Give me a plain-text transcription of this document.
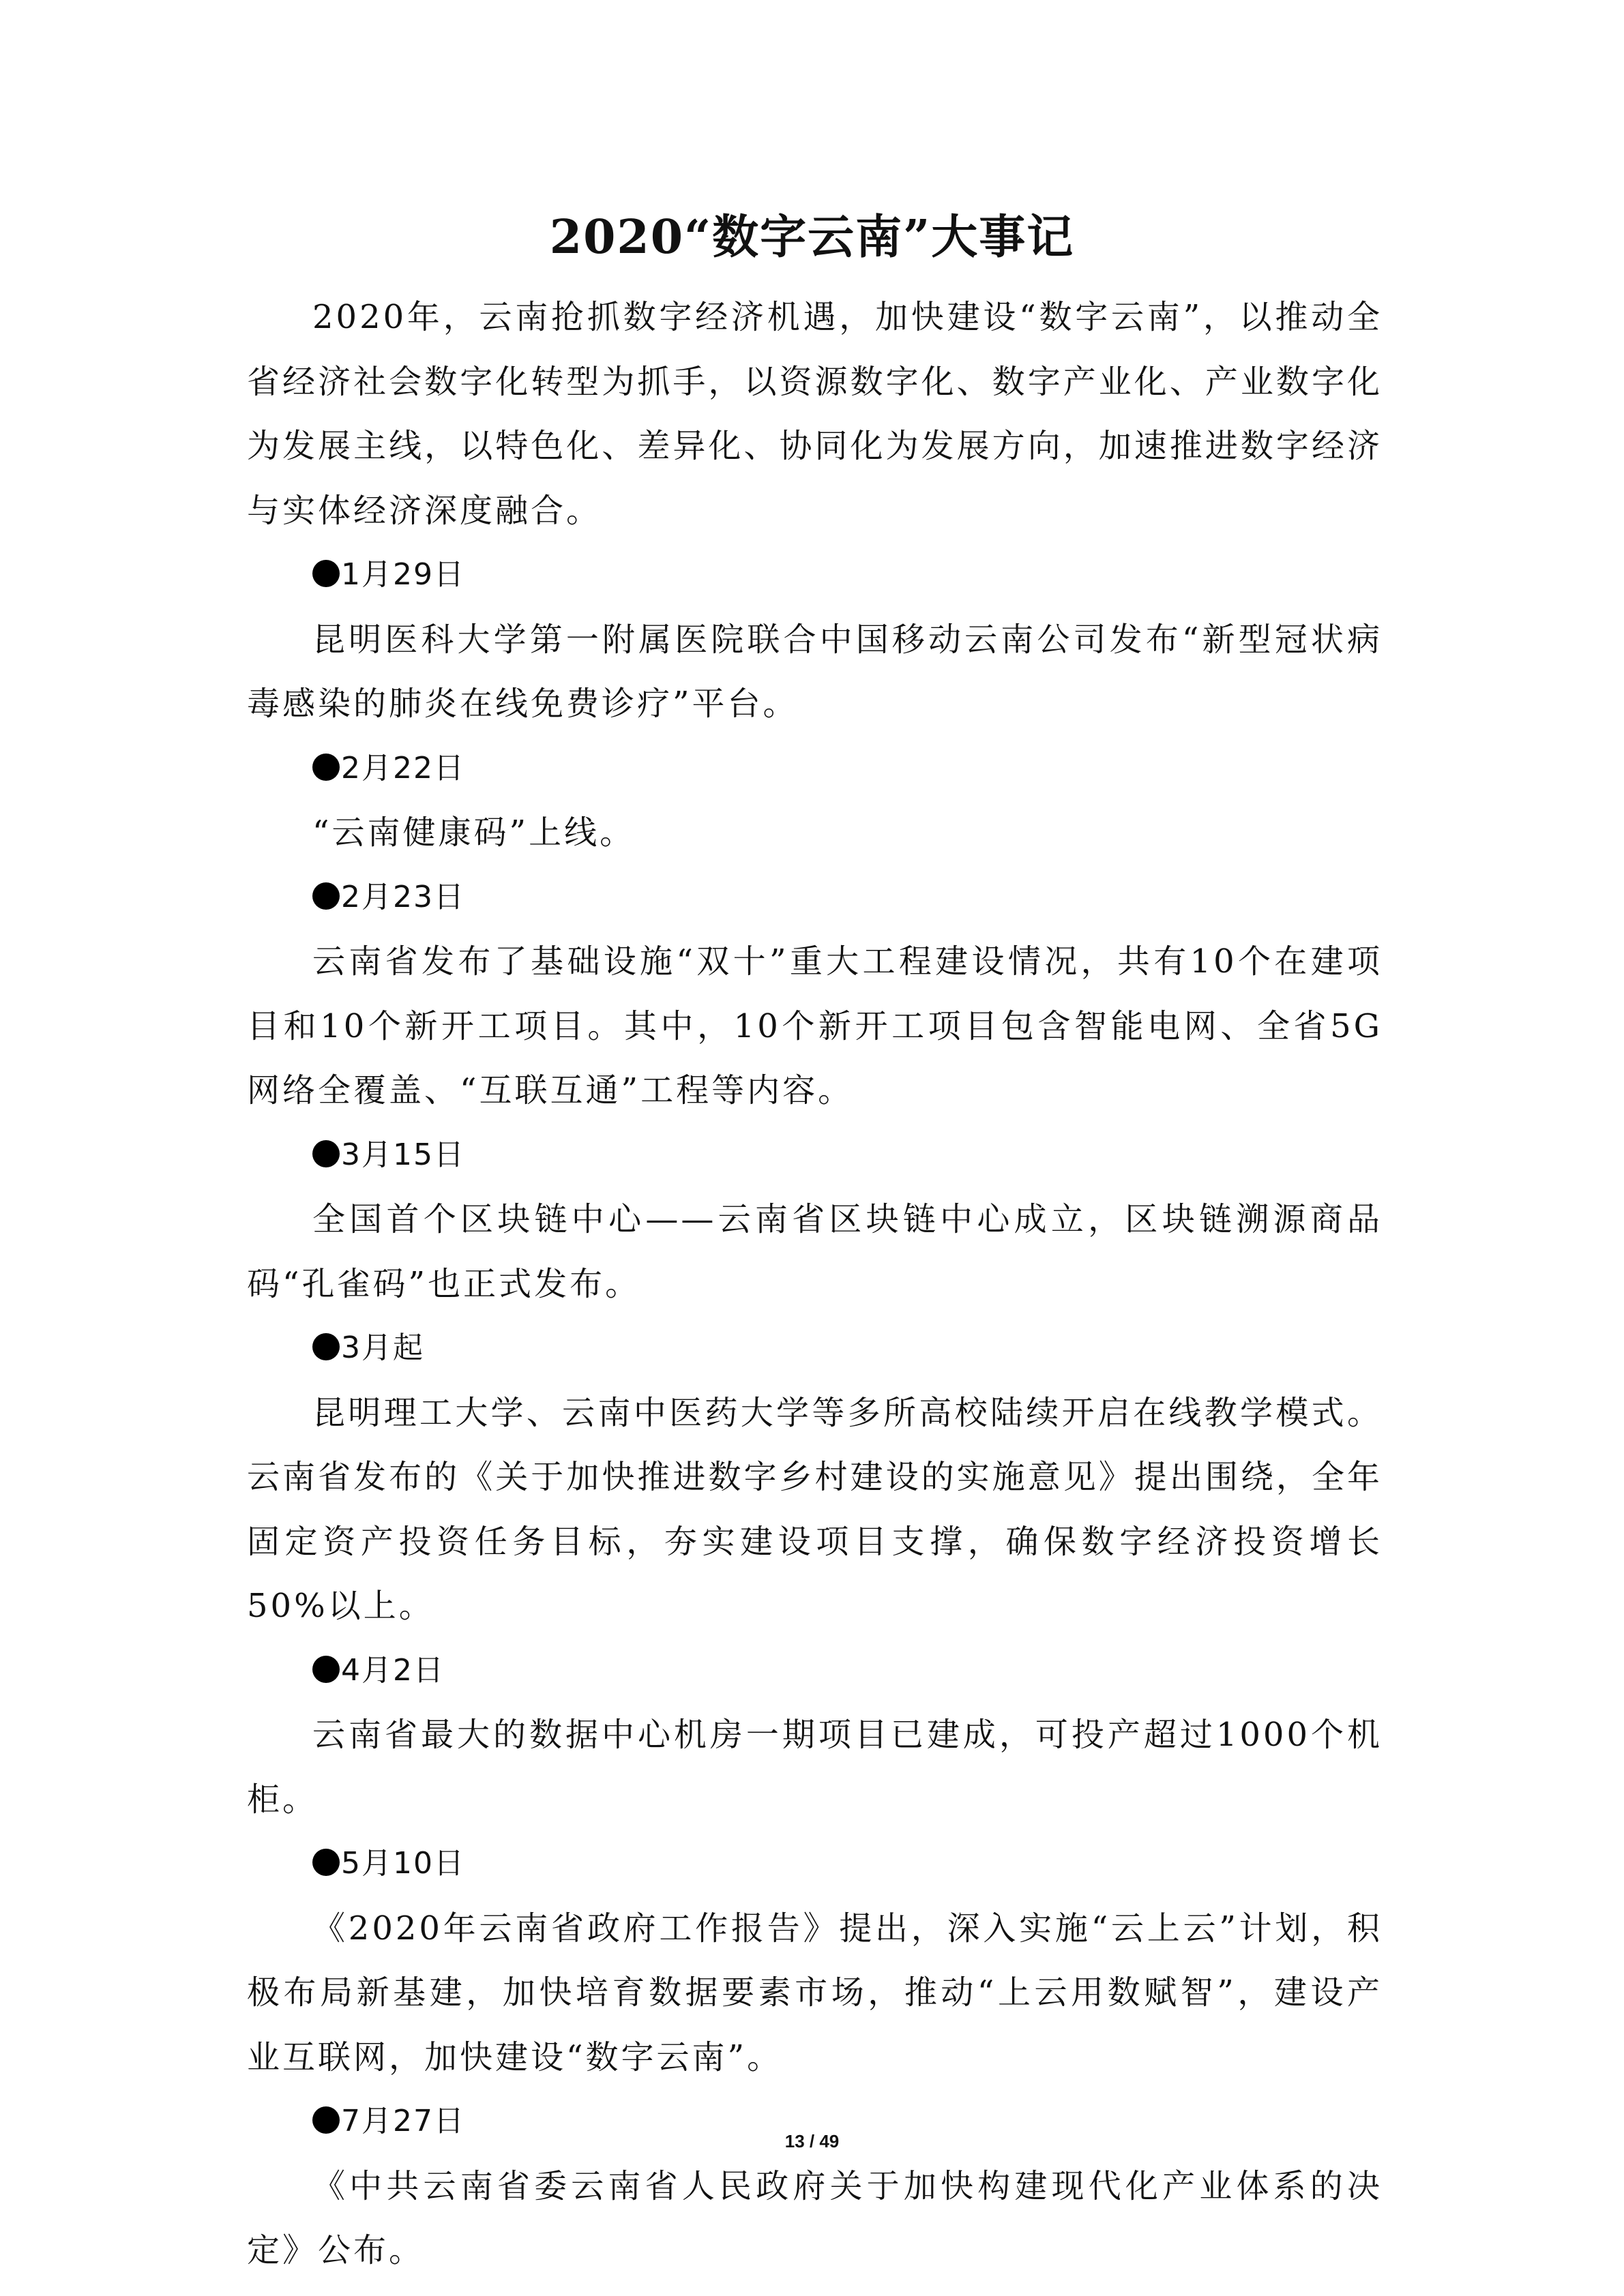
2020“数字云南”大事记

2020年，云南抢抓数字经济机遇，加快建设“数字云南”，以推动全省经济社会数字化转型为抓手，以资源数字化、数字产业化、产业数字化为发展主线，以特色化、差异化、协同化为发展方向，加速推进数字经济与实体经济深度融合。

1月29日

昆明医科大学第一附属医院联合中国移动云南公司发布“新型冠状病毒感染的肺炎在线免费诊疗”平台。

2月22日

“云南健康码”上线。

2月23日

云南省发布了基础设施“双十”重大工程建设情况，共有10个在建项目和10个新开工项目。其中，10个新开工项目包含智能电网、全省5G网络全覆盖、“互联互通”工程等内容。

3月15日

全国首个区块链中心——云南省区块链中心成立，区块链溯源商品码“孔雀码”也正式发布。

3月起

昆明理工大学、云南中医药大学等多所高校陆续开启在线教学模式。云南省发布的《关于加快推进数字乡村建设的实施意见》提出围绕，全年固定资产投资任务目标，夯实建设项目支撑，确保数字经济投资增长50%以上。

4月2日

云南省最大的数据中心机房一期项目已建成，可投产超过1000个机柜。

5月10日

《2020年云南省政府工作报告》提出，深入实施“云上云”计划，积极布局新基建，加快培育数据要素市场，推动“上云用数赋智”，建设产业互联网，加快建设“数字云南”。

7月27日

《中共云南省委云南省人民政府关于加快构建现代化产业体系的决定》公布。

13 / 49
